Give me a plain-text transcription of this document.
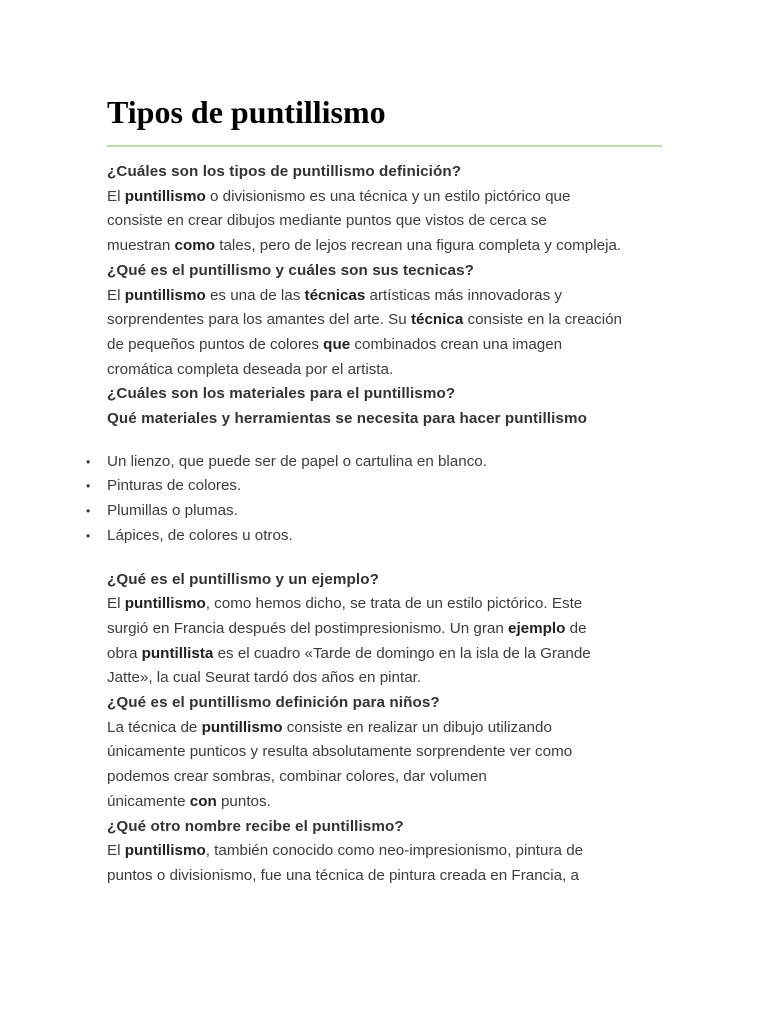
Tipos de puntillismo

¿Cuáles son los tipos de puntillismo definición?

El puntillismo o divisionismo es una técnica y un estilo pictórico que

consiste en crear dibujos mediante puntos que vistos de cerca se

muestran como tales, pero de lejos recrean una figura completa y compleja.

¿Qué es el puntillismo y cuáles son sus tecnicas?

El puntillismo es una de las técnicas artísticas más innovadoras y

sorprendentes para los amantes del arte. Su técnica consiste en la creación

de pequeños puntos de colores que combinados crean una imagen

cromática completa deseada por el artista.

¿Cuáles son los materiales para el puntillismo?

Qué materiales y herramientas se necesita para hacer puntillismo

• Un lienzo, que puede ser de papel o cartulina en blanco.
• Pinturas de colores.
• Plumillas o plumas.
• Lápices, de colores u otros.

¿Qué es el puntillismo y un ejemplo?

El puntillismo, como hemos dicho, se trata de un estilo pictórico. Este

surgió en Francia después del postimpresionismo. Un gran ejemplo de

obra puntillista es el cuadro «Tarde de domingo en la isla de la Grande

Jatte», la cual Seurat tardó dos años en pintar.

¿Qué es el puntillismo definición para niños?

La técnica de puntillismo consiste en realizar un dibujo utilizando

únicamente punticos y resulta absolutamente sorprendente ver como

podemos crear sombras, combinar colores, dar volumen

únicamente con puntos.

¿Qué otro nombre recibe el puntillismo?

El puntillismo, también conocido como neo-impresionismo, pintura de

puntos o divisionismo, fue una técnica de pintura creada en Francia, a
